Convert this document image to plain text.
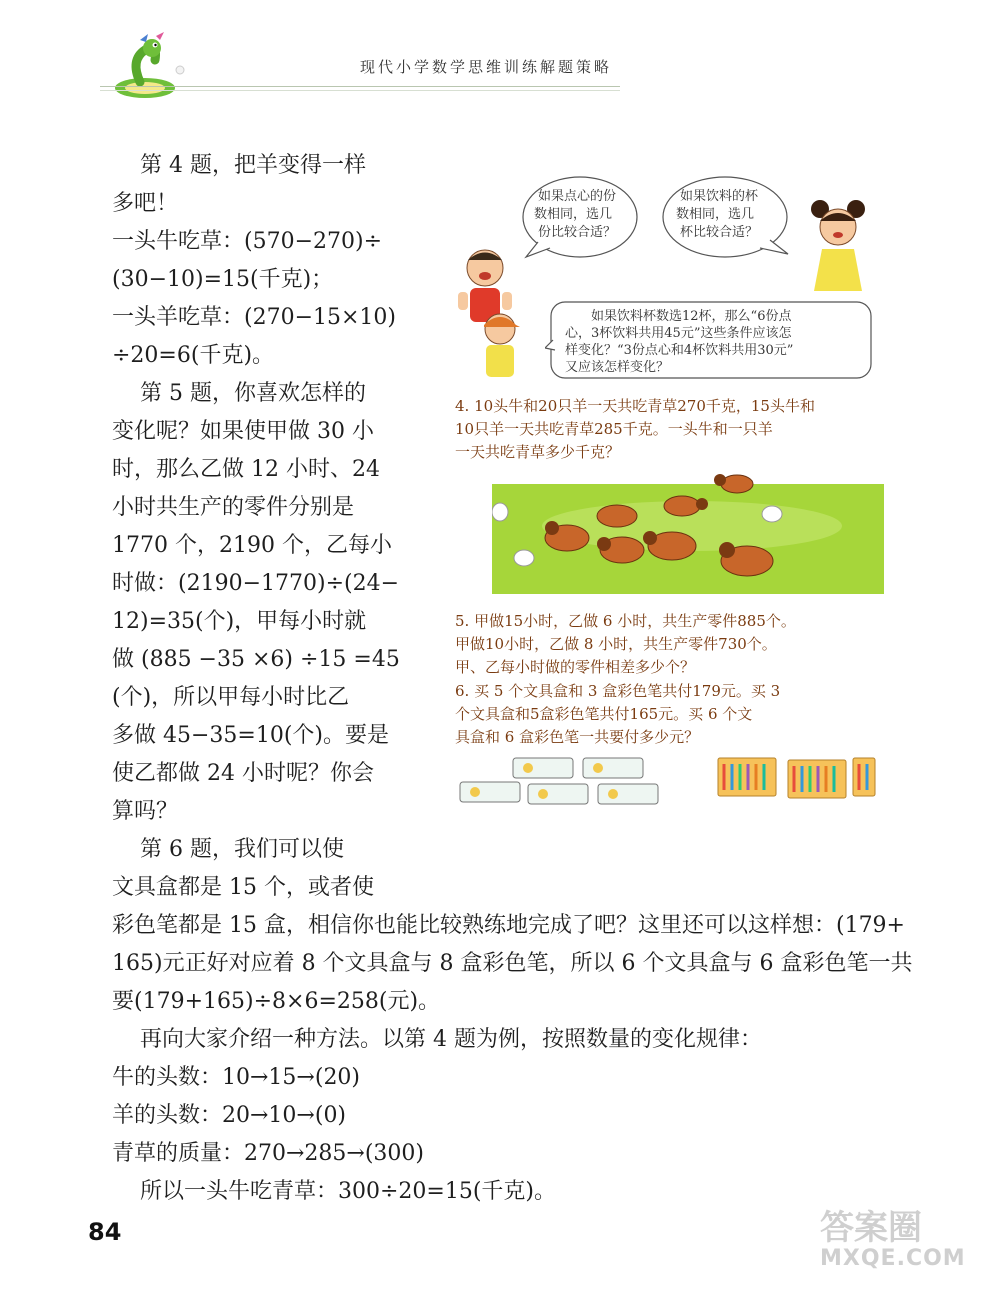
现代小学数学思维训练解题策略
　第 4 题，把羊变得一样
多吧！
一头牛吃草：(570−270)÷
(30−10)=15(千克)；
一头羊吃草：(270−15×10)
÷20=6(千克)。
　第 5 题，你喜欢怎样的
变化呢？如果使甲做 30 小
时，那么乙做 12 小时、24
小时共生产的零件分别是
1770 个，2190 个，乙每小
时做：(2190−1770)÷(24−
12)=35(个)，甲每小时就
做 (885 −35 ×6) ÷15 =45
(个)，所以甲每小时比乙
多做 45−35=10(个)。要是
使乙都做 24 小时呢？你会
算吗？
　第 6 题，我们可以使
文具盒都是 15 个，或者使
彩色笔都是 15 盒，相信你也能比较熟练地完成了吧？这里还可以这样想：(179+
165)元正好对应着 8 个文具盒与 8 盒彩色笔，所以 6 个文具盒与 6 盒彩色笔一共
要(179+165)÷8×6=258(元)。
　再向大家介绍一种方法。以第 4 题为例，按照数量的变化规律：
牛的头数：10→15→(20)
羊的头数：20→10→(0)
青草的质量：270→285→(300)
　所以一头牛吃青草：300÷20=15(千克)。
如果点心的份
数相同，选几
份比较合适？
如果饮料的杯
数相同，选几
杯比较合适？
如果饮料杯数选12杯，那么“6份点
心，3杯饮料共用45元”这些条件应该怎
样变化？“3份点心和4杯饮料共用30元”
又应该怎样变化？
4. 10头牛和20只羊一天共吃青草270千克，15头牛和
10只羊一天共吃青草285千克。一头牛和一只羊
一天共吃青草多少千克？
5. 甲做15小时，乙做 6 小时，共生产零件885个。
甲做10小时，乙做 8 小时，共生产零件730个。
甲、乙每小时做的零件相差多少个？
6. 买 5 个文具盒和 3 盒彩色笔共付179元。买 3
个文具盒和5盒彩色笔共付165元。买 6 个文
具盒和 6 盒彩色笔一共要付多少元？
84	答案圈
MXQE.COM
